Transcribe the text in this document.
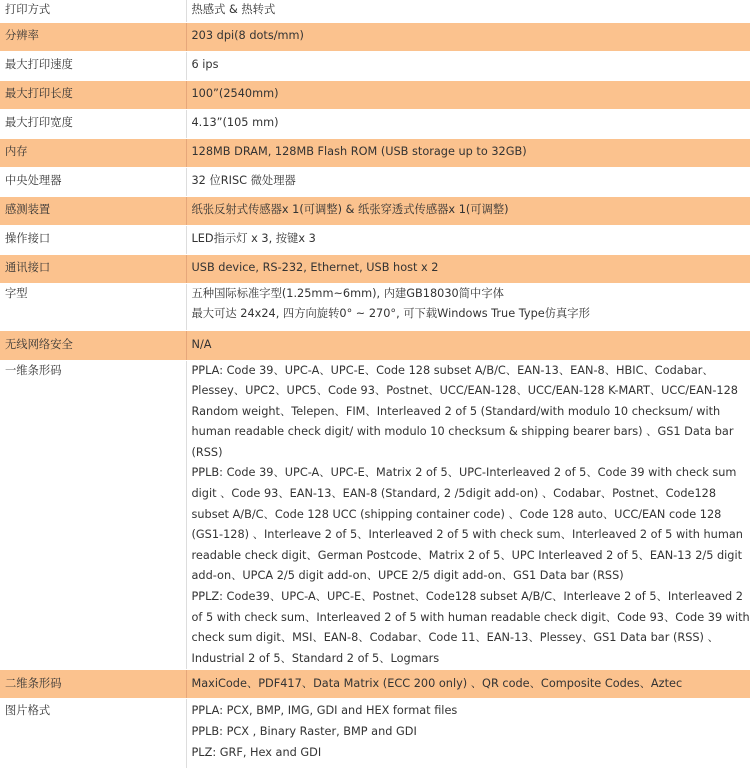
打印方式	热感式 & 热转式

分辨率	203 dpi(8 dots/mm)

最大打印速度	6 ips

最大打印长度	100”(2540mm)

最大打印宽度	4.13”(105 mm)

内存	128MB DRAM, 128MB Flash ROM (USB storage up to 32GB)

中央处理器	32 位RISC 微处理器

感测装置	纸张反射式传感器x 1(可调整) & 纸张穿透式传感器x 1(可调整)

操作接口	LED指示灯 x 3, 按键x 3

通讯接口	USB device, RS-232, Ethernet, USB host x 2

字型	五种国际标准字型(1.25mm~6mm), 内建GB18030简中字体
最大可达 24x24, 四方向旋转0° ~ 270°, 可下载Windows True Type仿真字形

无线网络安全	N/A

一维条形码	PPLA: Code 39、UPC-A、UPC-E、Code 128 subset A/B/C、EAN-13、EAN-8、HBIC、Codabar、Plessey、UPC2、UPC5、Code 93、Postnet、UCC/EAN-128、UCC/EAN-128 K-MART、UCC/EAN-128 Random weight、Telepen、FIM、Interleaved 2 of 5 (Standard/with modulo 10 checksum/ with human readable check digit/ with modulo 10 checksum & shipping bearer bars) 、GS1 Data bar (RSS)
PPLB: Code 39、UPC-A、UPC-E、Matrix 2 of 5、UPC-Interleaved 2 of 5、Code 39 with check sum digit 、Code 93、EAN-13、EAN-8 (Standard, 2 /5digit add-on) 、Codabar、Postnet、Code128 subset A/B/C、Code 128 UCC (shipping container code) 、Code 128 auto、UCC/EAN code 128 (GS1-128) 、Interleave 2 of 5、Interleaved 2 of 5 with check sum、Interleaved 2 of 5 with human readable check digit、German Postcode、Matrix 2 of 5、UPC Interleaved 2 of 5、EAN-13 2/5 digit add-on、UPCA 2/5 digit add-on、UPCE 2/5 digit add-on、GS1 Data bar (RSS)
PPLZ: Code39、UPC-A、UPC-E、Postnet、Code128 subset A/B/C、Interleave 2 of 5、Interleaved 2 of 5 with check sum、Interleaved 2 of 5 with human readable check digit、Code 93、Code 39 with check sum digit、MSI、EAN-8、Codabar、Code 11、EAN-13、Plessey、GS1 Data bar (RSS) 、Industrial 2 of 5、Standard 2 of 5、Logmars

二维条形码	MaxiCode、PDF417、Data Matrix (ECC 200 only) 、QR code、Composite Codes、Aztec

图片格式	PPLA: PCX, BMP, IMG, GDI and HEX format files
PPLB: PCX , Binary Raster, BMP and GDI
PLZ: GRF, Hex and GDI
